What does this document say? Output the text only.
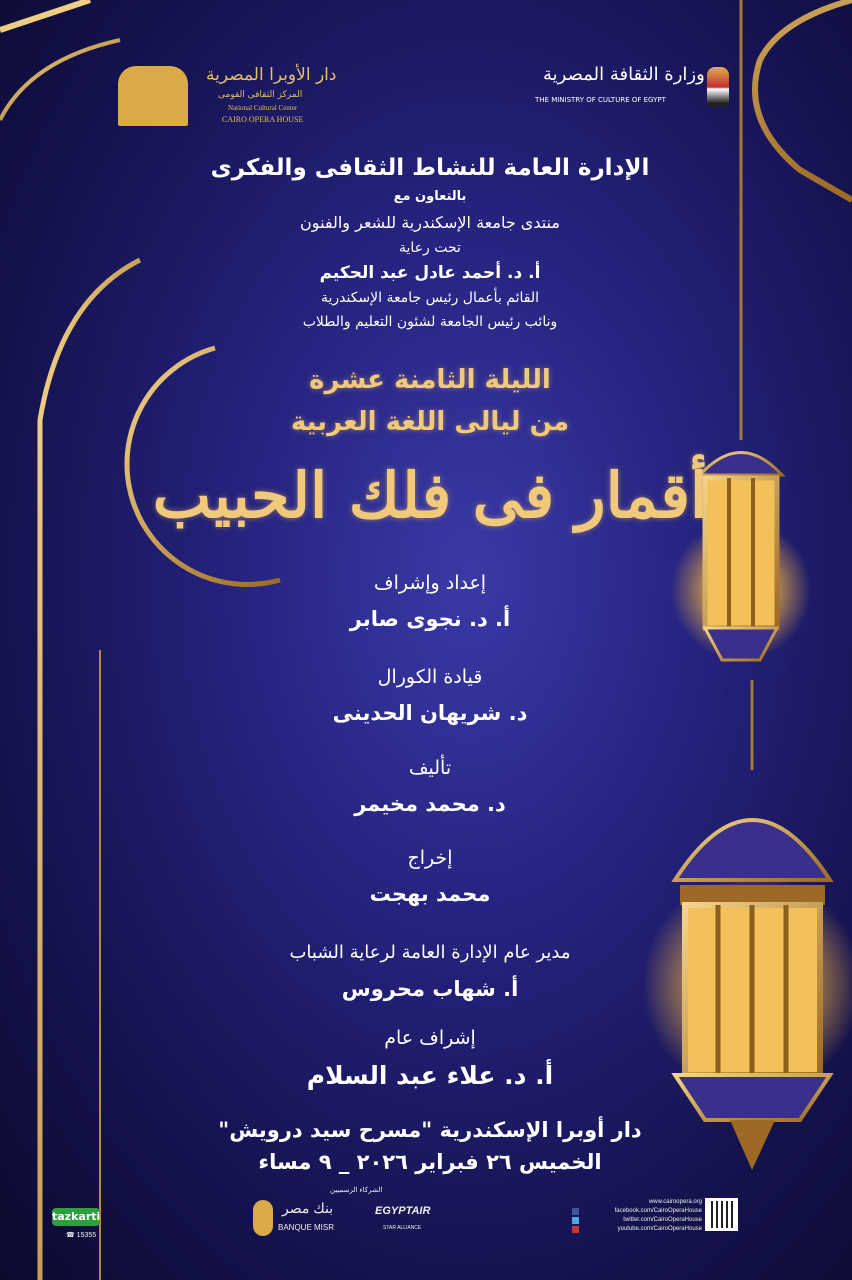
دار الأوبرا المصرية
المركز الثقافى القومى
National Cultural Center
CAIRO OPERA HOUSE
وزارة الثقافة المصرية
THE MINISTRY OF CULTURE OF EGYPT
الإدارة العامة للنشاط الثقافى والفكرى
بالتعاون مع
منتدى جامعة الإسكندرية للشعر والفنون
تحت رعاية
أ. د. أحمد عادل عبد الحكيم
القائم بأعمال رئيس جامعة الإسكندرية
ونائب رئيس الجامعة لشئون التعليم والطلاب
الليلة الثامنة عشرة
من ليالى اللغة العربية
أقمار فى فلك الحبيب
إعداد وإشراف
أ. د. نجوى صابر
قيادة الكورال
د. شريهان الحدينى
تأليف
د. محمد مخيمر
إخراج
محمد بهجت
مدير عام الإدارة العامة لرعاية الشباب
أ. شهاب محروس
إشراف عام
أ. د. علاء عبد السلام
دار أوبرا الإسكندرية "مسرح سيد درويش"
الخميس ٢٦ فبراير ٢٠٢٦ _ ٩ مساء
tazkarti
☎ 15355
الشركاء الرسميين
بنك مصر
BANQUE MISR
EGYPTAIR
STAR ALLIANCE
www.cairoopera.org
facebook.com/CairoOperaHouse
twitter.com/CairoOperaHouse
youtube.com/CairoOperaHouse
